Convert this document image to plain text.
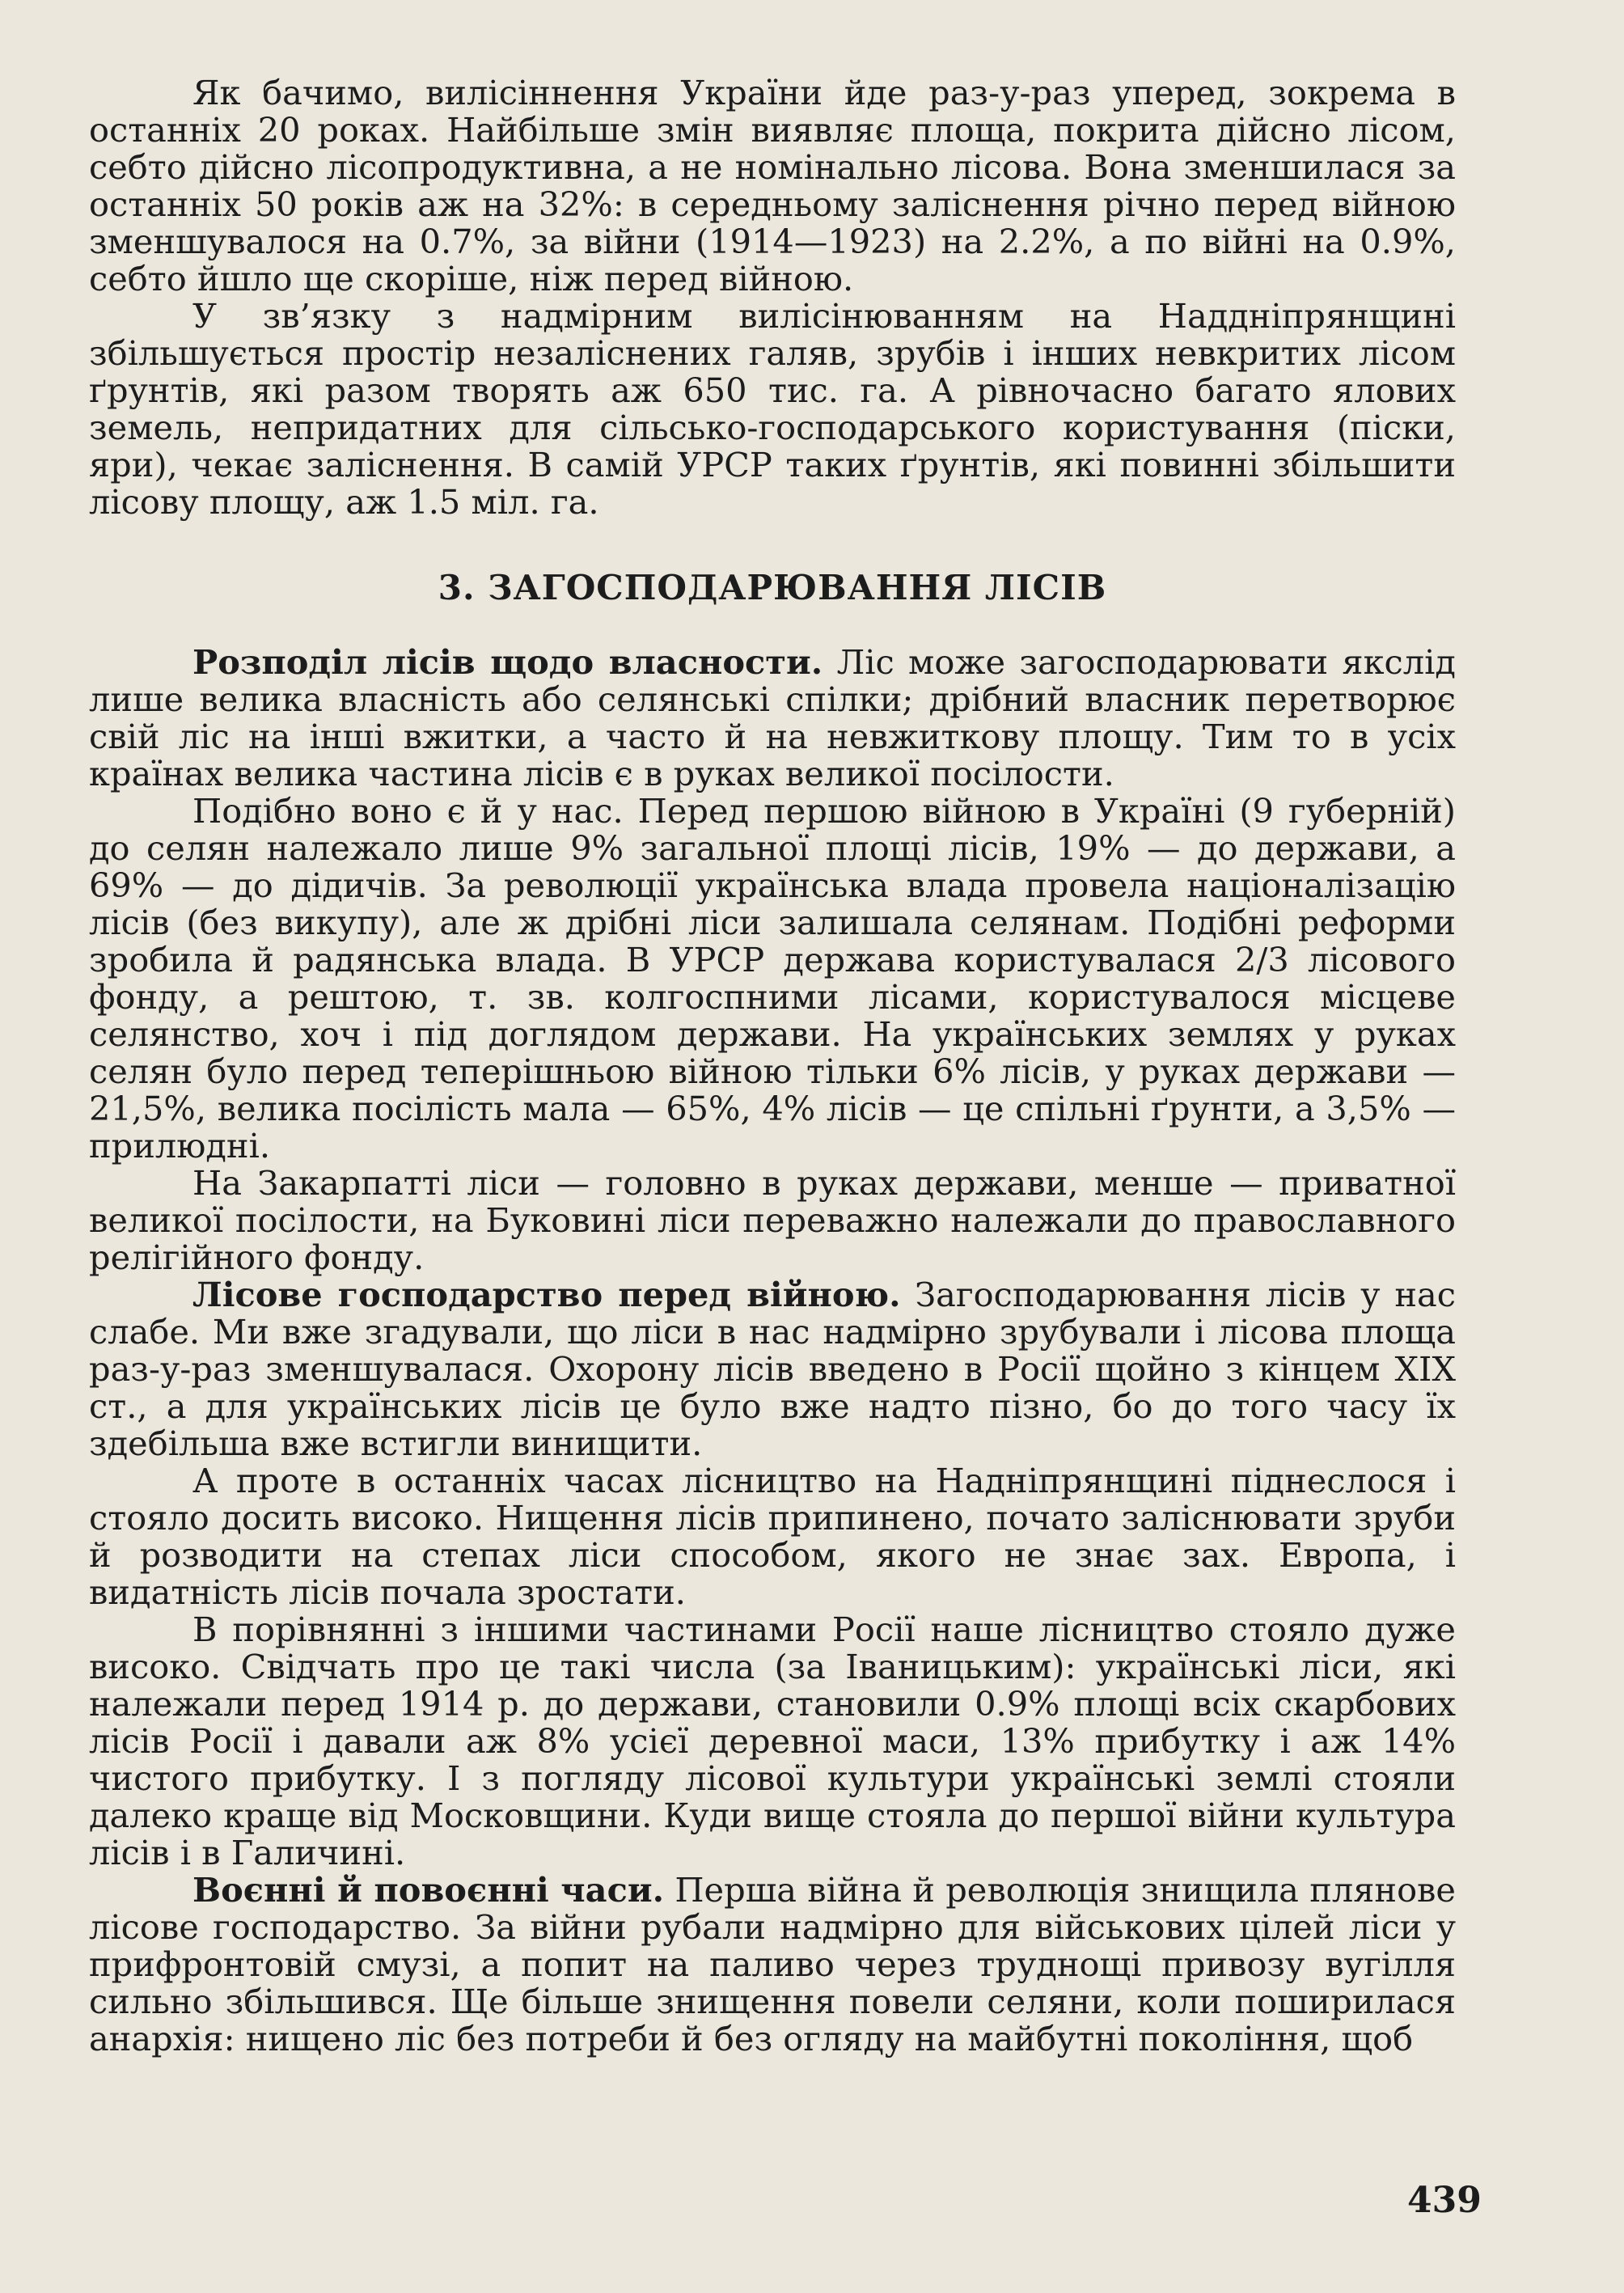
Як бачимо, вилісіннення України йде раз-у-раз уперед, зокрема в останніх 20 роках. Найбільше змін виявляє площа, покрита дійсно лісом, себто дійсно лісопродуктивна, а не номінально лісова. Вона зменшилася за останніх 50 років аж на 32%: в середньому заліснення річно перед війною зменшувалося на 0.7%, за війни (1914—1923) на 2.2%, а по війні на 0.9%, себто йшло ще скоріше, ніж перед війною.

У зв’язку з надмірним вилісінюванням на Наддніпрянщині збільшується простір незаліснених галяв, зрубів і інших невкритих лісом ґрунтів, які разом творять аж 650 тис. га. А рівночасно багато ялових земель, непридатних для сільсько-господарського користування (піски, яри), чекає заліснення. В самій УРСР таких ґрунтів, які повинні збільшити лісову площу, аж 1.5 міл. га.

3. ЗАГОСПОДАРЮВАННЯ ЛІСІВ

Розподіл лісів щодо власности. Ліс може загосподарювати якслід лише велика власність або селянські спілки; дрібний власник перетворює свій ліс на інші вжитки, а часто й на невжиткову площу. Тим то в усіх країнах велика частина лісів є в руках великої посілости.

Подібно воно є й у нас. Перед першою війною в Україні (9 губерній) до селян належало лише 9% загальної площі лісів, 19% — до держави, а 69% — до дідичів. За революції українська влада провела націоналізацію лісів (без викупу), але ж дрібні ліси залишала селянам. Подібні реформи зробила й радянська влада. В УРСР держава користувалася 2/3 лісового фонду, а рештою, т. зв. колгоспними лісами, користувалося місцеве селянство, хоч і під доглядом держави. На українських землях у руках селян було перед теперішньою війною тільки 6% лісів, у руках держави — 21,5%, велика посілість мала — 65%, 4% лісів — це спільні ґрунти, а 3,5% — прилюдні.

На Закарпатті ліси — головно в руках держави, менше — приватної великої посілости, на Буковині ліси переважно належали до православного релігійного фонду.

Лісове господарство перед війною. Загосподарювання лісів у нас слабе. Ми вже згадували, що ліси в нас надмірно зрубували і лісова площа раз-у-раз зменшувалася. Охорону лісів введено в Росії щойно з кінцем XIX ст., а для українських лісів це було вже надто пізно, бо до того часу їх здебільша вже встигли винищити.

А проте в останніх часах лісництво на Надніпрянщині піднеслося і стояло досить високо. Нищення лісів припинено, почато заліснювати зруби й розводити на степах ліси способом, якого не знає зах. Европа, і видатність лісів почала зростати.

В порівнянні з іншими частинами Росії наше лісництво стояло дуже високо. Свідчать про це такі числа (за Іваницьким): українські ліси, які належали перед 1914 р. до держави, становили 0.9% площі всіх скарбових лісів Росії і давали аж 8% усієї деревної маси, 13% прибутку і аж 14% чистого прибутку. І з погляду лісової культури українські землі стояли далеко краще від Московщини. Куди вище стояла до першої війни культура лісів і в Галичині.

Воєнні й повоєнні часи. Перша війна й революція знищила плянове лісове господарство. За війни рубали надмірно для військових цілей ліси у прифронтовій смузі, а попит на паливо через труднощі привозу вугілля сильно збільшився. Ще більше знищення повели селяни, коли поширилася анархія: нищено ліс без потреби й без огляду на майбутні покоління, щоб

439
